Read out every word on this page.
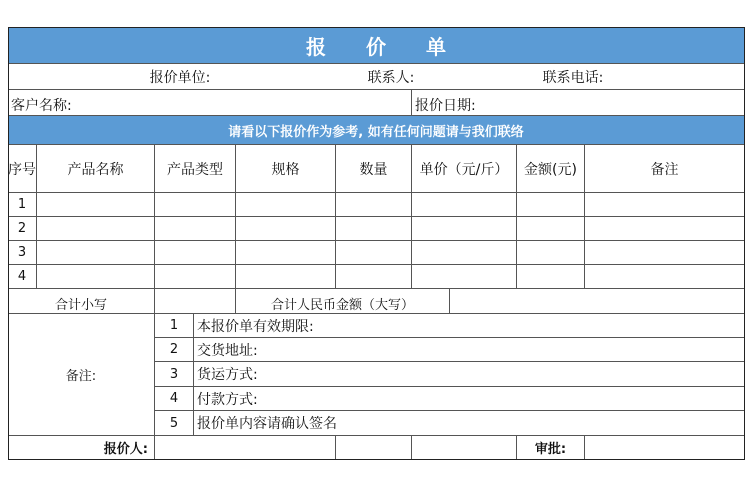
报　　价　　单
报价单位:	联系人:	联系电话:
客户名称:	报价日期:
请看以下报价作为参考, 如有任何问题请与我们联络
序号	产品名称	产品类型	规格	数量	单价（元/斤）	金额(元)	备注
1
2
3
4
合计小写	合计人民币金额（大写）
备注:
1	本报价单有效期限:
2	交货地址:
3	货运方式:
4	付款方式:
5	报价单内容请确认签名
报价人:	审批:
